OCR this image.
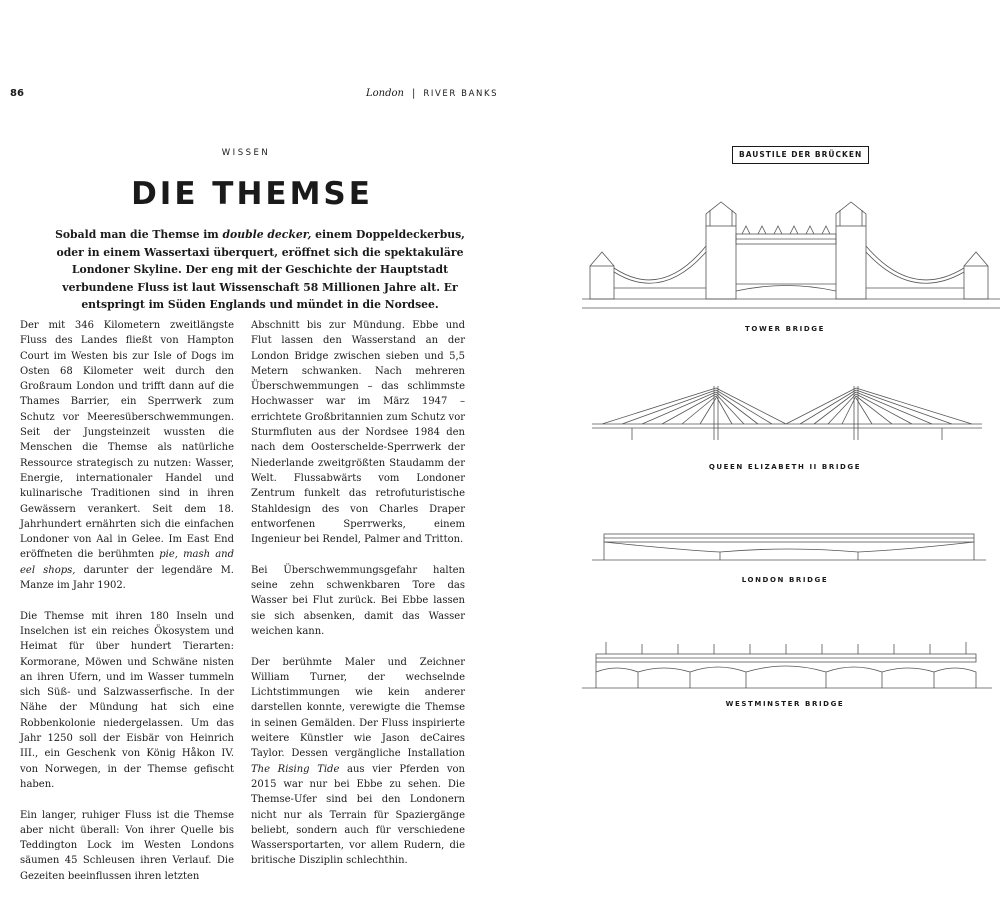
86	London | RIVER BANKS
WISSEN
DIE THEMSE
Sobald man die Themse im double decker, einem Doppeldeckerbus, oder in einem Wassertaxi überquert, eröffnet sich die spektakuläre Londoner Skyline. Der eng mit der Geschichte der Hauptstadt verbundene Fluss ist laut Wissenschaft 58 Millionen Jahre alt. Er entspringt im Süden Englands und mündet in die Nordsee.

Der mit 346 Kilometern zweitlängste Fluss des Landes fließt von Hampton Court im Westen bis zur Isle of Dogs im Osten 68 Kilometer weit durch den Großraum London und trifft dann auf die Thames Barrier, ein Sperrwerk zum Schutz vor Meeresüberschwemmungen. Seit der Jungsteinzeit wussten die Menschen die Themse als natürliche Ressource strategisch zu nutzen: Wasser, Energie, internationaler Handel und kulinarische Traditionen sind in ihren Gewässern verankert. Seit dem 18. Jahrhundert ernährten sich die einfachen Londoner von Aal in Gelee. Im East End eröffneten die berühmten pie, mash and eel shops, darunter der legendäre M. Manze im Jahr 1902.

Die Themse mit ihren 180 Inseln und Inselchen ist ein reiches Ökosystem und Heimat für über hundert Tierarten: Kormorane, Möwen und Schwäne nisten an ihren Ufern, und im Wasser tummeln sich Süß- und Salzwasserfische. In der Nähe der Mündung hat sich eine Robbenkolonie niedergelassen. Um das Jahr 1250 soll der Eisbär von Heinrich III., ein Geschenk von König Håkon IV. von Norwegen, in der Themse gefischt haben.

Ein langer, ruhiger Fluss ist die Themse aber nicht überall: Von ihrer Quelle bis Teddington Lock im Westen Londons säumen 45 Schleusen ihren Verlauf. Die Gezeiten beeinflussen ihren letzten

Abschnitt bis zur Mündung. Ebbe und Flut lassen den Wasserstand an der London Bridge zwischen sieben und 5,5 Metern schwanken. Nach mehreren Überschwemmungen – das schlimmste Hochwasser war im März 1947 – errichtete Großbritannien zum Schutz vor Sturmfluten aus der Nordsee 1984 den nach dem Oosterschelde-Sperrwerk der Niederlande zweitgrößten Staudamm der Welt. Flussabwärts vom Londoner Zentrum funkelt das retrofuturistische Stahldesign des von Charles Draper entworfenen Sperrwerks, einem Ingenieur bei Rendel, Palmer and Tritton.

Bei Überschwemmungsgefahr halten seine zehn schwenkbaren Tore das Wasser bei Flut zurück. Bei Ebbe lassen sie sich absenken, damit das Wasser weichen kann.

Der berühmte Maler und Zeichner William Turner, der wechselnde Lichtstimmungen wie kein anderer darstellen konnte, verewigte die Themse in seinen Gemälden. Der Fluss inspirierte weitere Künstler wie Jason deCaires Taylor. Dessen vergängliche Installation The Rising Tide aus vier Pferden von 2015 war nur bei Ebbe zu sehen. Die Themse-Ufer sind bei den Londonern nicht nur als Terrain für Spaziergänge beliebt, sondern auch für verschiedene Wassersportarten, vor allem Rudern, die britische Disziplin schlechthin.

BAUSTILE DER BRÜCKEN
TOWER BRIDGE
QUEEN ELIZABETH II BRIDGE
LONDON BRIDGE
WESTMINSTER BRIDGE
